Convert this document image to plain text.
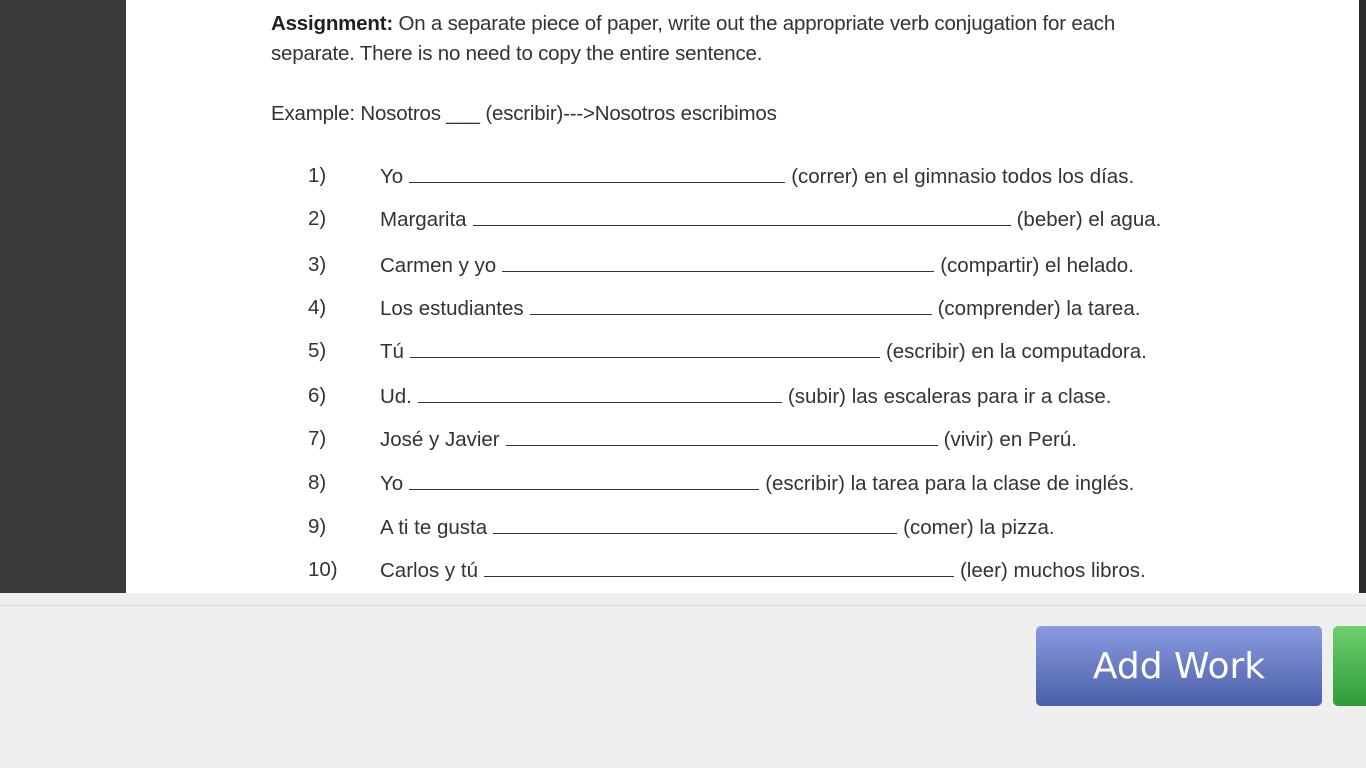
Assignment: On a separate piece of paper, write out the appropriate verb conjugation for each
separate. There is no need to copy the entire sentence.
Example: Nosotros ___ (escribir)--->Nosotros escribimos
1)	Yo	(correr) en el gimnasio todos los días.
2)	Margarita	(beber) el agua.
3)	Carmen y yo	(compartir) el helado.
4)	Los estudiantes	(comprender) la tarea.
5)	Tú	(escribir) en la computadora.
6)	Ud.	(subir) las escaleras para ir a clase.
7)	José y Javier	(vivir) en Perú.
8)	Yo	(escribir) la tarea para la clase de inglés.
9)	A ti te gusta	(comer) la pizza.
10) Carlos y tú	(leer) muchos libros.
Add Work
